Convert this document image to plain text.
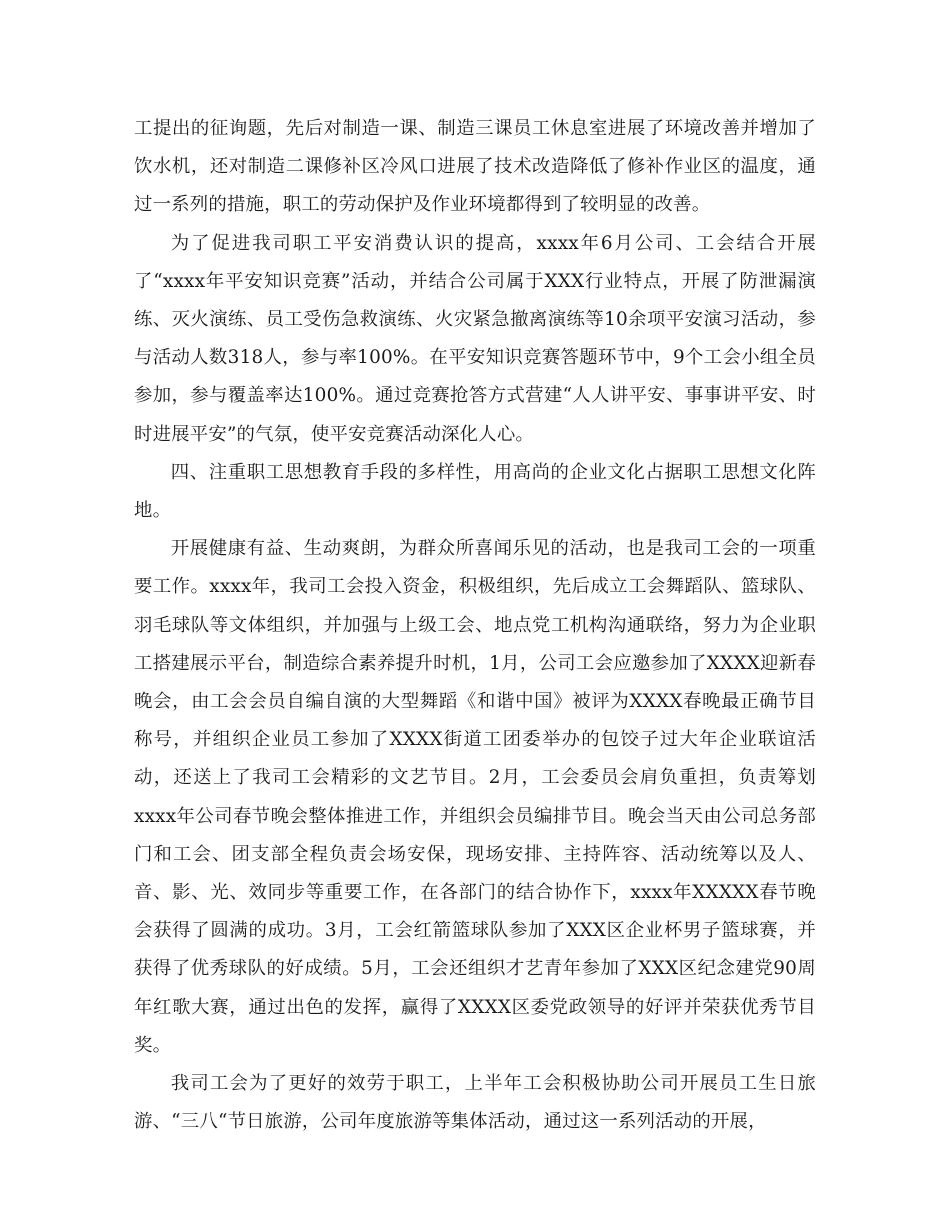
工提出的征询题，先后对制造一课、制造三课员工休息室进展了环境改善并增加了饮水机，还对制造二课修补区冷风口进展了技术改造降低了修补作业区的温度，通过一系列的措施，职工的劳动保护及作业环境都得到了较明显的改善。

为了促进我司职工平安消费认识的提高，xxxx年6月公司、工会结合开展了“xxxx年平安知识竞赛”活动，并结合公司属于XXX行业特点，开展了防泄漏演练、灭火演练、员工受伤急救演练、火灾紧急撤离演练等10余项平安演习活动，参与活动人数318人，参与率100%。在平安知识竞赛答题环节中，9个工会小组全员参加，参与覆盖率达100%。通过竞赛抢答方式营建“人人讲平安、事事讲平安、时时进展平安”的气氛，使平安竞赛活动深化人心。

四、注重职工思想教育手段的多样性，用高尚的企业文化占据职工思想文化阵地。

开展健康有益、生动爽朗，为群众所喜闻乐见的活动，也是我司工会的一项重要工作。xxxx年，我司工会投入资金，积极组织，先后成立工会舞蹈队、篮球队、羽毛球队等文体组织，并加强与上级工会、地点党工机构沟通联络，努力为企业职工搭建展示平台，制造综合素养提升时机，1月，公司工会应邀参加了XXXX迎新春晚会，由工会会员自编自演的大型舞蹈《和谐中国》被评为XXXX春晚最正确节目称号，并组织企业员工参加了XXXX街道工团委举办的包饺子过大年企业联谊活动，还送上了我司工会精彩的文艺节目。2月，工会委员会肩负重担，负责筹划xxxx年公司春节晚会整体推进工作，并组织会员编排节目。晚会当天由公司总务部门和工会、团支部全程负责会场安保，现场安排、主持阵容、活动统筹以及人、音、影、光、效同步等重要工作，在各部门的结合协作下，xxxx年XXXXX春节晚会获得了圆满的成功。3月，工会红箭篮球队参加了XXX区企业杯男子篮球赛，并获得了优秀球队的好成绩。5月，工会还组织才艺青年参加了XXX区纪念建党90周年红歌大赛，通过出色的发挥，赢得了XXXX区委党政领导的好评并荣获优秀节目奖。

我司工会为了更好的效劳于职工，上半年工会积极协助公司开展员工生日旅游、“三八“节日旅游，公司年度旅游等集体活动，通过这一系列活动的开展，
